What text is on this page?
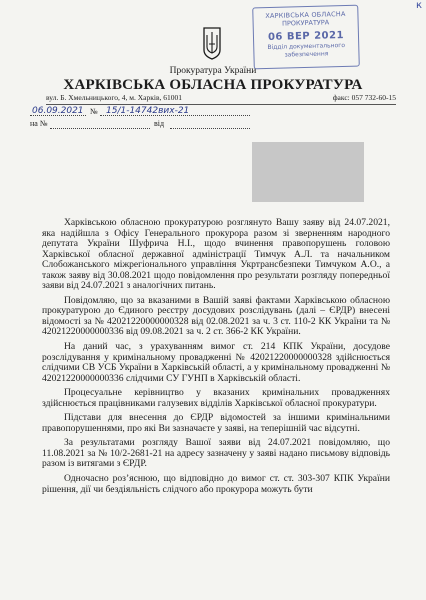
Прокуратура України
ХАРКІВСЬКА ОБЛАСНА ПРОКУРАТУРА
вул. Б. Хмельницького, 4, м. Харків, 61001	факс: 057 732-60-15
06.09.2021 № 15/1-14742вих-21
на №	від
ХАРКІВСЬКА ОБЛАСНА
ПРОКУРАТУРА
06 ВЕР 2021
Відділ документального
забезпечення
к

Харківською обласною прокуратурою розглянуто Вашу заяву від 24.07.2021, яка надійшла з Офісу Генерального прокурора разом зі зверненням народного депутата України Шуфрича Н.І., щодо вчинення правопорушень головою Харківської обласної державної адміністрації Тимчук А.Л. та начальником Слобожанського міжрегіонального управління Укртрансбезпеки Тимчуком А.О., а також заяву від 30.08.2021 щодо повідомлення про результати розгляду попередньої заяви від 24.07.2021 з аналогічних питань.

Повідомляю, що за вказаними в Вашій заяві фактами Харківською обласною прокуратурою до Єдиного реєстру досудових розслідувань (далі – ЄРДР) внесені відомості за № 42021220000000328 від 02.08.2021 за ч. 3 ст. 110-2 КК України та № 42021220000000336 від 09.08.2021 за ч. 2 ст. 366-2 КК України.

На даний час, з урахуванням вимог ст. 214 КПК України, досудове розслідування у кримінальному провадженні № 42021220000000328 здійснюється слідчими СВ УСБ України в Харківській області, а у кримінальному провадженні № 42021220000000336 слідчими СУ ГУНП в Харківській області.

Процесуальне керівництво у вказаних кримінальних провадженнях здійснюється працівниками галузевих відділів Харківської обласної прокуратури.

Підстави для внесення до ЄРДР відомостей за іншими кримінальними правопорушеннями, про які Ви зазначаєте у заяві, на теперішній час відсутні.

За результатами розгляду Вашої заяви від 24.07.2021 повідомляю, що 11.08.2021 за № 10/2-2681-21 на адресу зазначену у заяві надано письмову відповідь разом із витягами з ЄРДР.

Одночасно роз’яснюю, що відповідно до вимог ст. ст. 303-307 КПК України рішення, дії чи бездіяльність слідчого або прокурора можуть бути
